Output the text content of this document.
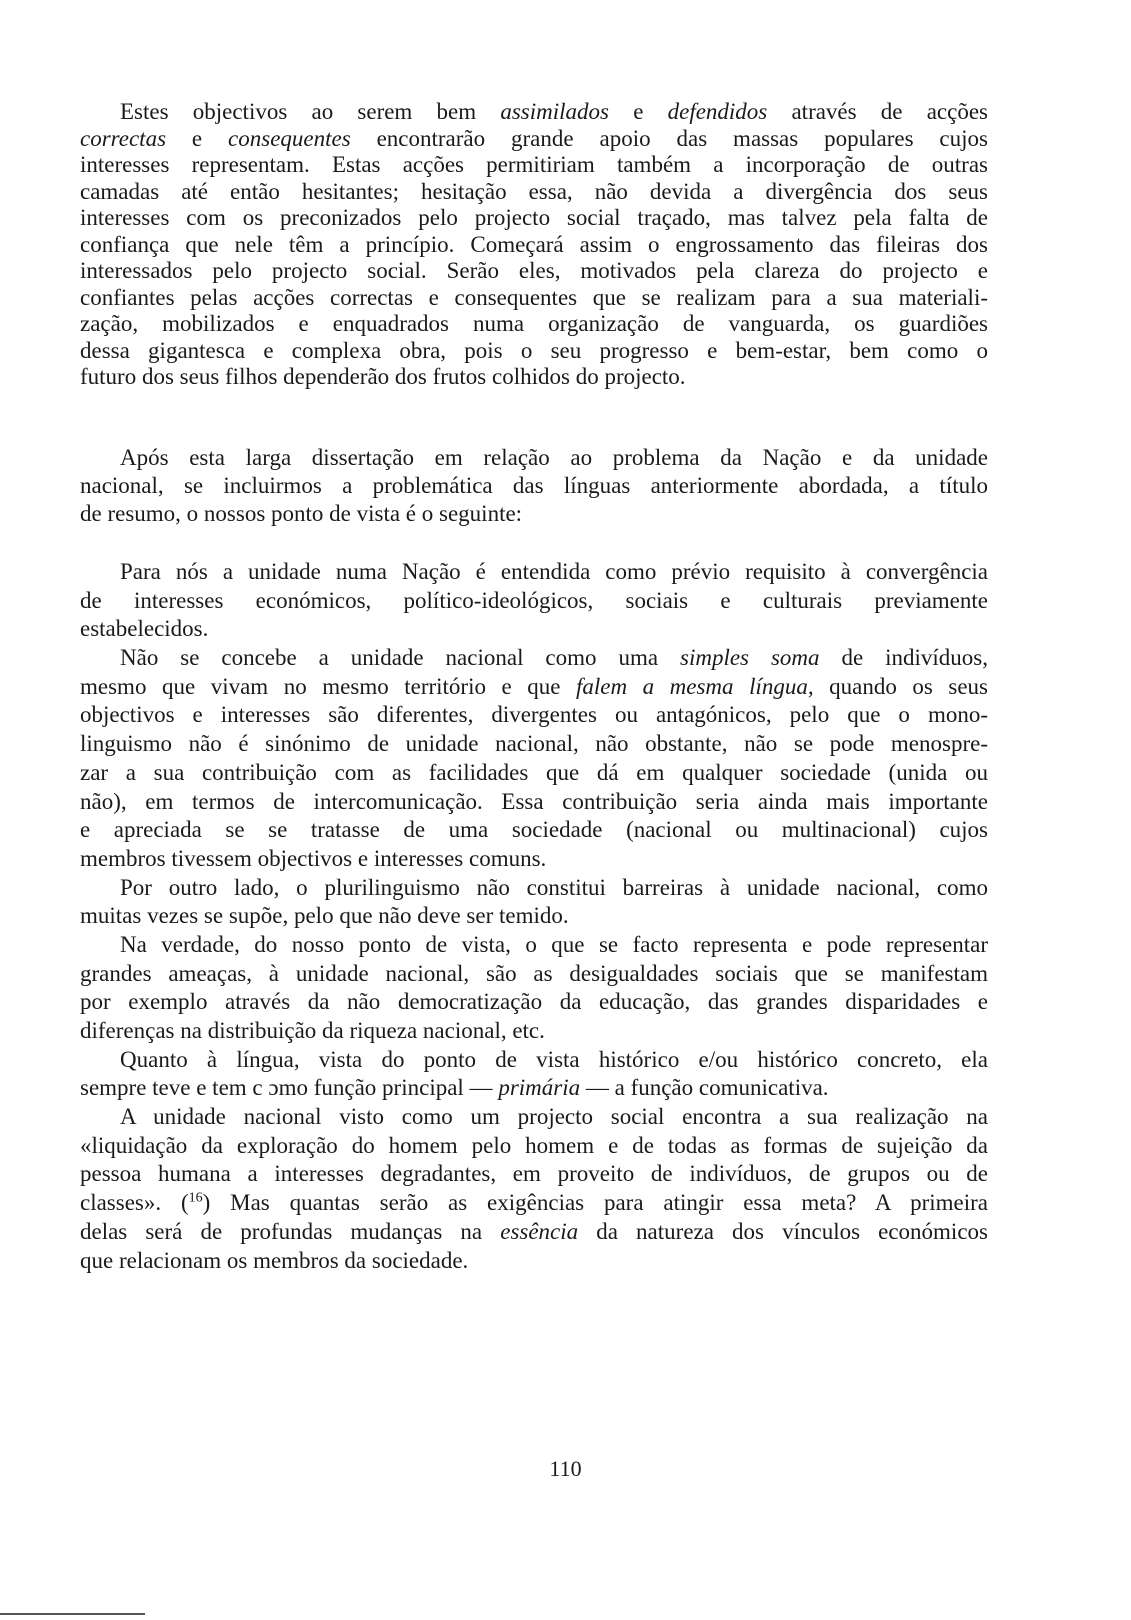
Estes objectivos ao serem bem assimilados e defendidos através de acções
correctas e consequentes encontrarão grande apoio das massas populares cujos
interesses representam. Estas acções permitiriam também a incorporação de outras
camadas até então hesitantes; hesitação essa, não devida a divergência dos seus
interesses com os preconizados pelo projecto social traçado, mas talvez pela falta de
confiança que nele têm a princípio. Começará assim o engrossamento das fileiras dos
interessados pelo projecto social. Serão eles, motivados pela clareza do projecto e
confiantes pelas acções correctas e consequentes que se realizam para a sua materiali-
zação, mobilizados e enquadrados numa organização de vanguarda, os guardiões
dessa gigantesca e complexa obra, pois o seu progresso e bem-estar, bem como o
futuro dos seus filhos dependerão dos frutos colhidos do projecto.
Após esta larga dissertação em relação ao problema da Nação e da unidade
nacional, se incluirmos a problemática das línguas anteriormente abordada, a título
de resumo, o nossos ponto de vista é o seguinte:
Para nós a unidade numa Nação é entendida como prévio requisito à convergência
de interesses económicos, político-ideológicos, sociais e culturais previamente
estabelecidos.
Não se concebe a unidade nacional como uma simples soma de indivíduos,
mesmo que vivam no mesmo território e que falem a mesma língua, quando os seus
objectivos e interesses são diferentes, divergentes ou antagónicos, pelo que o mono-
linguismo não é sinónimo de unidade nacional, não obstante, não se pode menospre-
zar a sua contribuição com as facilidades que dá em qualquer sociedade (unida ou
não), em termos de intercomunicação. Essa contribuição seria ainda mais importante
e apreciada se se tratasse de uma sociedade (nacional ou multinacional) cujos
membros tivessem objectivos e interesses comuns.
Por outro lado, o plurilinguismo não constitui barreiras à unidade nacional, como
muitas vezes se supõe, pelo que não deve ser temido.
Na verdade, do nosso ponto de vista, o que se facto representa e pode representar
grandes ameaças, à unidade nacional, são as desigualdades sociais que se manifestam
por exemplo através da não democratização da educação, das grandes disparidades e
diferenças na distribuição da riqueza nacional, etc.
Quanto à língua, vista do ponto de vista histórico e/ou histórico concreto, ela
sempre teve e tem c ɔmo função principal — primária — a função comunicativa.
A unidade nacional visto como um projecto social encontra a sua realização na
«liquidação da exploração do homem pelo homem e de todas as formas de sujeição da
pessoa humana a interesses degradantes, em proveito de indivíduos, de grupos ou de
classes». ($^{16}$) Mas quantas serão as exigências para atingir essa meta? A primeira
delas será de profundas mudanças na essência da natureza dos vínculos económicos
que relacionam os membros da sociedade.
110
